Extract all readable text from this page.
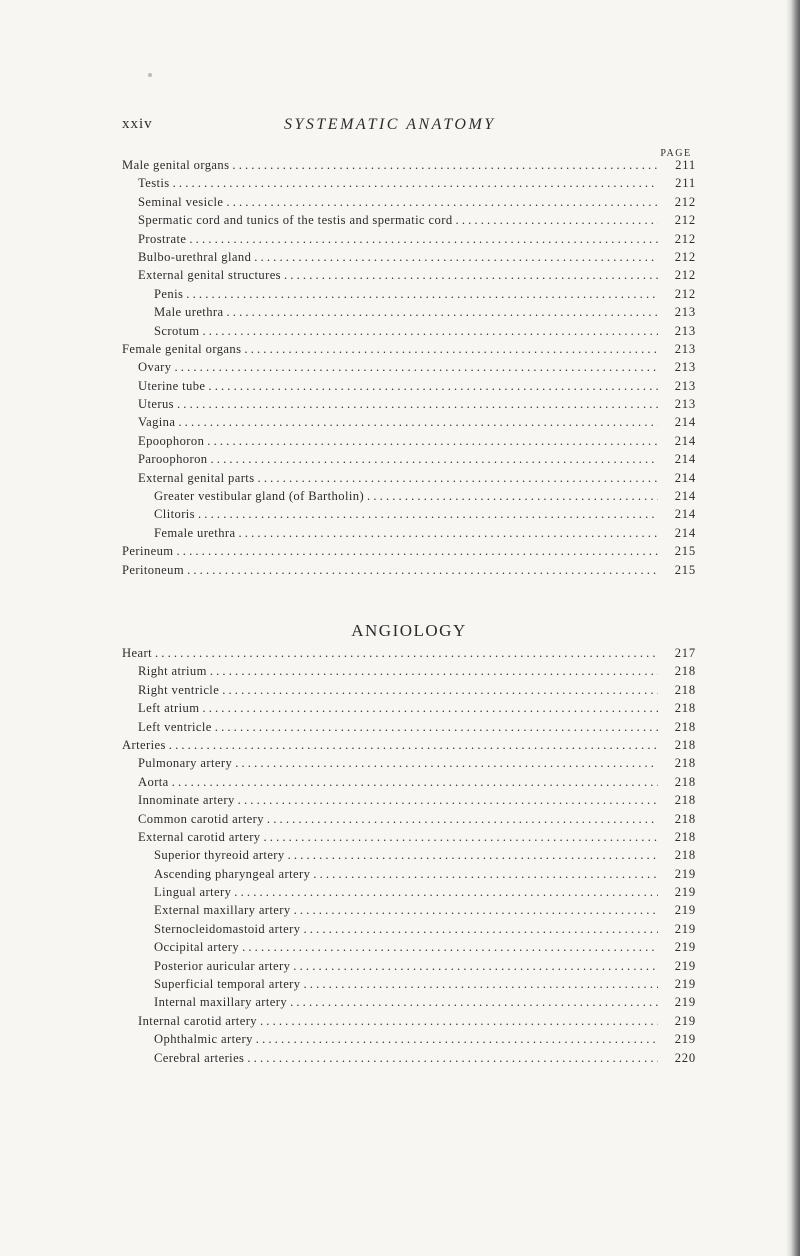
xxiv	SYSTEMATIC ANATOMY
PAGE
Male genital organs . . .	211
Testis . . .	211
Seminal vesicle . . .	212
Spermatic cord and tunics of the testis and spermatic cord . . .	212
Prostrate . . .	212
Bulbo-urethral gland . . .	212
External genital structures . . .	212
Penis . . .	212
Male urethra . . .	213
Scrotum . . .	213
Female genital organs . . .	213
Ovary . . .	213
Uterine tube . . .	213
Uterus . . .	213
Vagina . . .	214
Epoophoron . . .	214
Paroophoron . . .	214
External genital parts . . .	214
Greater vestibular gland (of Bartholin) . . .	214
Clitoris . . .	214
Female urethra . . .	214
Perineum . . .	215
Peritoneum . . .	215
ANGIOLOGY
Heart . . .	217
Right atrium . . .	218
Right ventricle . . .	218
Left atrium . . .	218
Left ventricle . . .	218
Arteries . . .	218
Pulmonary artery . . .	218
Aorta . . .	218
Innominate artery . . .	218
Common carotid artery . . .	218
External carotid artery . . .	218
Superior thyreoid artery . . .	218
Ascending pharyngeal artery . . .	219
Lingual artery . . .	219
External maxillary artery . . .	219
Sternocleidomastoid artery . . .	219
Occipital artery . . .	219
Posterior auricular artery . . .	219
Superficial temporal artery . . .	219
Internal maxillary artery . . .	219
Internal carotid artery . . .	219
Ophthalmic artery . . .	219
Cerebral arteries . . .	220
